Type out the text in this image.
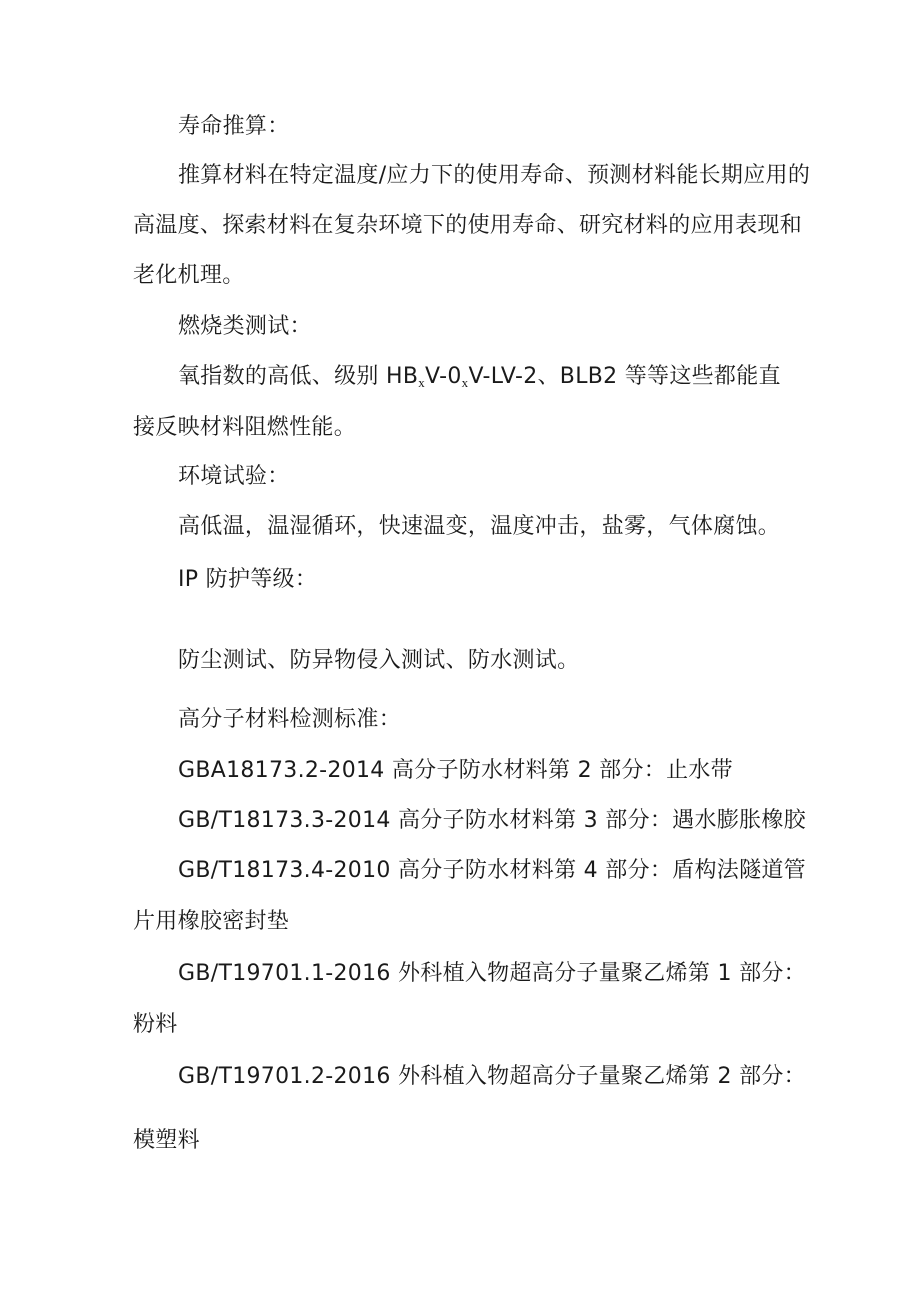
寿命推算：
推算材料在特定温度/应力下的使用寿命、预测材料能长期应用的
高温度、探索材料在复杂环境下的使用寿命、研究材料的应用表现和
老化机理。
燃烧类测试：
氧指数的高低、级别 $HB_xV-0_xV-LV-2$、BLB2 等等这些都能直
接反映材料阻燃性能。
环境试验：
高低温，温湿循环，快速温变，温度冲击，盐雾，气体腐蚀。
IP 防护等级：
防尘测试、防异物侵入测试、防水测试。
高分子材料检测标准：
GBA18173.2-2014 高分子防水材料第 2 部分：止水带
GB/T18173.3-2014 高分子防水材料第 3 部分：遇水膨胀橡胶
GB/T18173.4-2010 高分子防水材料第 4 部分：盾构法隧道管
片用橡胶密封垫
GB/T19701.1-2016 外科植入物超高分子量聚乙烯第 1 部分：
粉料
GB/T19701.2-2016 外科植入物超高分子量聚乙烯第 2 部分：
模塑料
